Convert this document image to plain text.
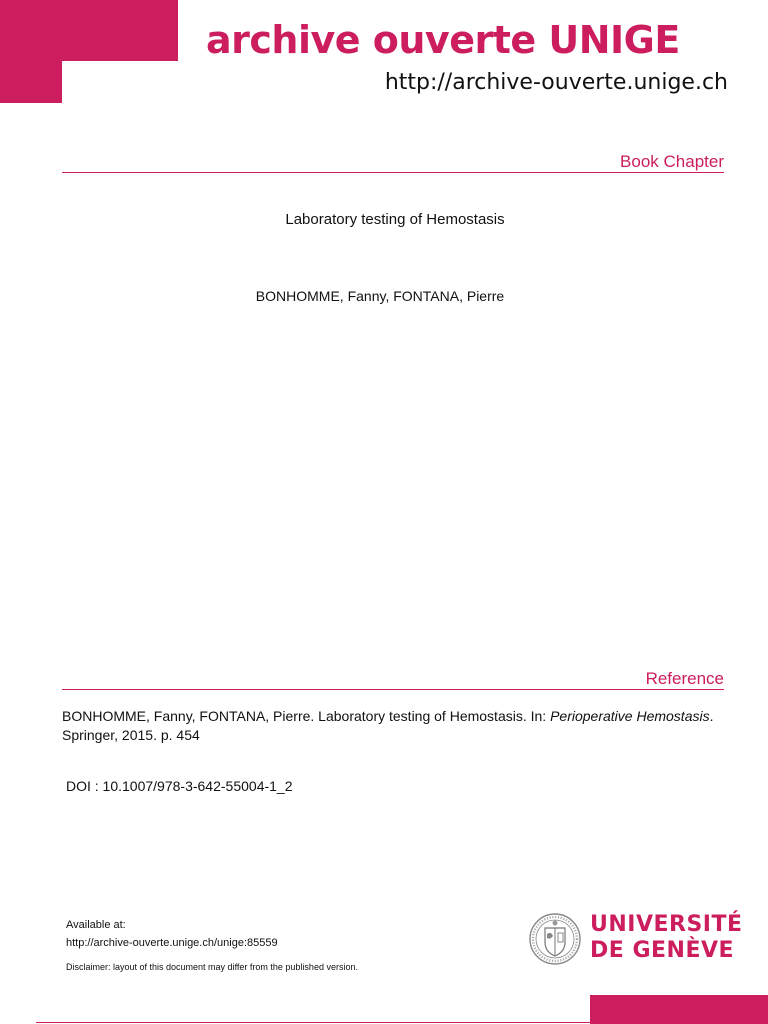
archive ouverte UNIGE
http://archive-ouverte.unige.ch
Book Chapter
Laboratory testing of Hemostasis
BONHOMME, Fanny, FONTANA, Pierre
Reference
BONHOMME, Fanny, FONTANA, Pierre. Laboratory testing of Hemostasis. In: Perioperative Hemostasis. Springer, 2015. p. 454
DOI : 10.1007/978-3-642-55004-1_2
Available at:
http://archive-ouverte.unige.ch/unige:85559
Disclaimer: layout of this document may differ from the published version.
UNIVERSITÉ
DE GENÈVE
